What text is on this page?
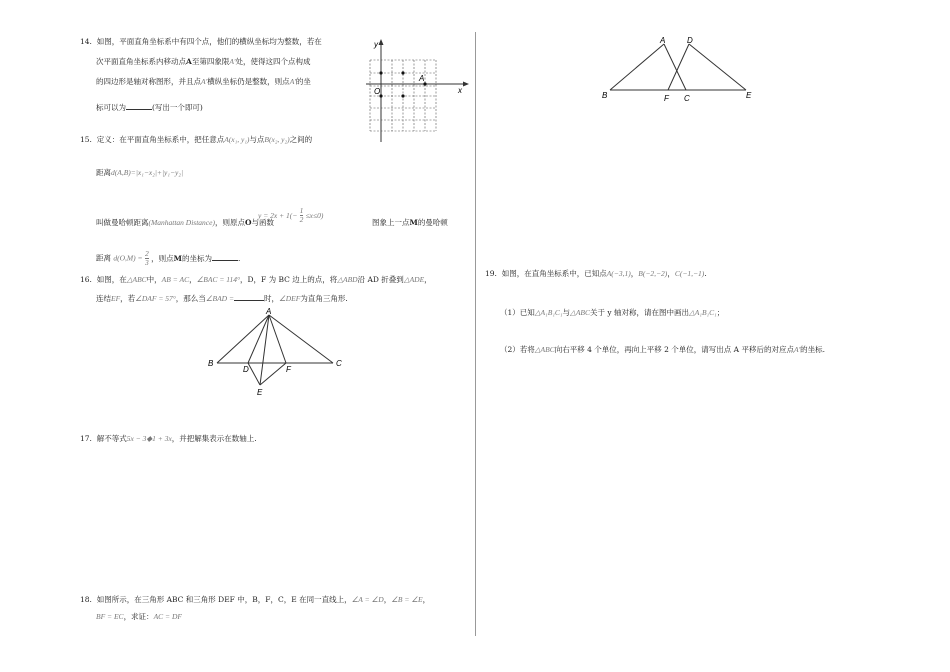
14. 如图，平面直角坐标系中有四个点，他们的横纵坐标均为整数，若在
次平面直角坐标系内移动点A至第四象限A'处，使得这四个点构成
的四边形是轴对称图形，并且点A'横纵坐标仍是整数，则点A'的坐
标可以为	(写出一个即可)
y
x
O
A
15. 定义：在平面直角坐标系中，把任意点A(x₁, y₁)与点B(x₂, y₂)之间的
距离d(A,B)=|x₁−x₂|+|y₁−y₂|
叫做曼哈顿距离(Manhattan Distance)，则原点O与函数
$y = 2x + 1(- \frac{1}{2} \le x\le 0)$
图象上一点M的曼哈顿
距离 $d(O,M) = \frac{2}{3}$ ，则点M的坐标为	.
16. 如图，在△ABC中，AB = AC，∠BAC = 114°，D，F 为 BC 边上的点，将△ABD沿 AD 折叠到△ADE，
连结EF，若∠DAF = 57°，那么当∠BAD =	时，∠DEF为直角三角形.
A
B	C
D	F
E
17. 解不等式5x − 3◆1 + 3x，并把解集表示在数轴上.
18. 如图所示，在三角形 ABC 和三角形 DEF 中，B，F，C，E 在同一直线上，∠A = ∠D，∠B = ∠E，
BF = EC，求证：AC = DF
A	D
B	F C	E
19. 如图，在直角坐标系中，已知点A(−3,1)，B(−2,−2)，C(−1,−1).
（1）已知△A₁B₁C₁与△ABC关于 y 轴对称，请在图中画出△A₁B₁C₁；
（2）若将△ABC向右平移 4 个单位，再向上平移 2 个单位，请写出点 A 平移后的对应点A'的坐标.
